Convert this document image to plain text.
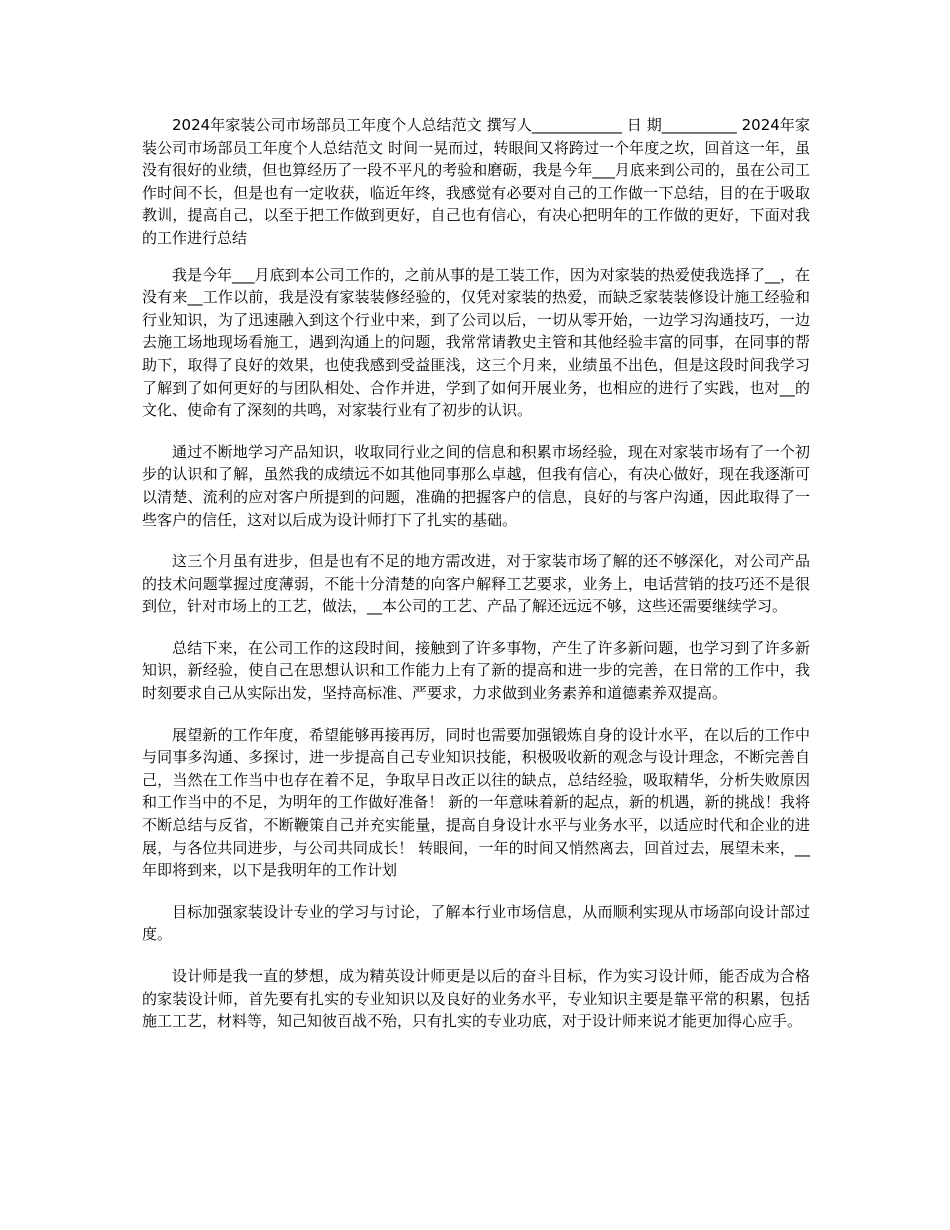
2024年家装公司市场部员工年度个人总结范文 撰写人____________ 日 期__________ 2024年家装公司市场部员工年度个人总结范文 时间一晃而过，转眼间又将跨过一个年度之坎，回首这一年，虽没有很好的业绩，但也算经历了一段不平凡的考验和磨砺，我是今年___月底来到公司的，虽在公司工作时间不长，但是也有一定收获，临近年终，我感觉有必要对自己的工作做一下总结，目的在于吸取教训，提高自己，以至于把工作做到更好，自己也有信心，有决心把明年的工作做的更好，下面对我的工作进行总结

我是今年___月底到本公司工作的，之前从事的是工装工作，因为对家装的热爱使我选择了__，在没有来__工作以前，我是没有家装装修经验的，仅凭对家装的热爱，而缺乏家装装修设计施工经验和行业知识，为了迅速融入到这个行业中来，到了公司以后，一切从零开始，一边学习沟通技巧，一边去施工场地现场看施工，遇到沟通上的问题，我常常请教史主管和其他经验丰富的同事，在同事的帮助下，取得了良好的效果，也使我感到受益匪浅，这三个月来，业绩虽不出色，但是这段时间我学习了解到了如何更好的与团队相处、合作并进，学到了如何开展业务，也相应的进行了实践，也对__的文化、使命有了深刻的共鸣，对家装行业有了初步的认识。

通过不断地学习产品知识，收取同行业之间的信息和积累市场经验，现在对家装市场有了一个初步的认识和了解，虽然我的成绩远不如其他同事那么卓越，但我有信心，有决心做好，现在我逐渐可以清楚、流利的应对客户所提到的问题，准确的把握客户的信息，良好的与客户沟通，因此取得了一些客户的信任，这对以后成为设计师打下了扎实的基础。

这三个月虽有进步，但是也有不足的地方需改进，对于家装市场了解的还不够深化，对公司产品的技术问题掌握过度薄弱，不能十分清楚的向客户解释工艺要求，业务上，电话营销的技巧还不是很到位，针对市场上的工艺，做法，__本公司的工艺、产品了解还远远不够，这些还需要继续学习。

总结下来，在公司工作的这段时间，接触到了许多事物，产生了许多新问题，也学习到了许多新知识，新经验，使自己在思想认识和工作能力上有了新的提高和进一步的完善，在日常的工作中，我时刻要求自己从实际出发，坚持高标准、严要求，力求做到业务素养和道德素养双提高。

展望新的工作年度，希望能够再接再厉，同时也需要加强锻炼自身的设计水平，在以后的工作中与同事多沟通、多探讨，进一步提高自己专业知识技能，积极吸收新的观念与设计理念，不断完善自己，当然在工作当中也存在着不足，争取早日改正以往的缺点，总结经验，吸取精华，分析失败原因和工作当中的不足，为明年的工作做好准备！ 新的一年意味着新的起点，新的机遇，新的挑战！我将不断总结与反省，不断鞭策自己并充实能量，提高自身设计水平与业务水平，以适应时代和企业的进展，与各位共同进步，与公司共同成长！ 转眼间，一年的时间又悄然离去，回首过去，展望未来，__年即将到来，以下是我明年的工作计划

目标加强家装设计专业的学习与讨论，了解本行业市场信息，从而顺利实现从市场部向设计部过度。

设计师是我一直的梦想，成为精英设计师更是以后的奋斗目标，作为实习设计师，能否成为合格的家装设计师，首先要有扎实的专业知识以及良好的业务水平，专业知识主要是靠平常的积累，包括施工工艺，材料等，知己知彼百战不殆，只有扎实的专业功底，对于设计师来说才能更加得心应手。
